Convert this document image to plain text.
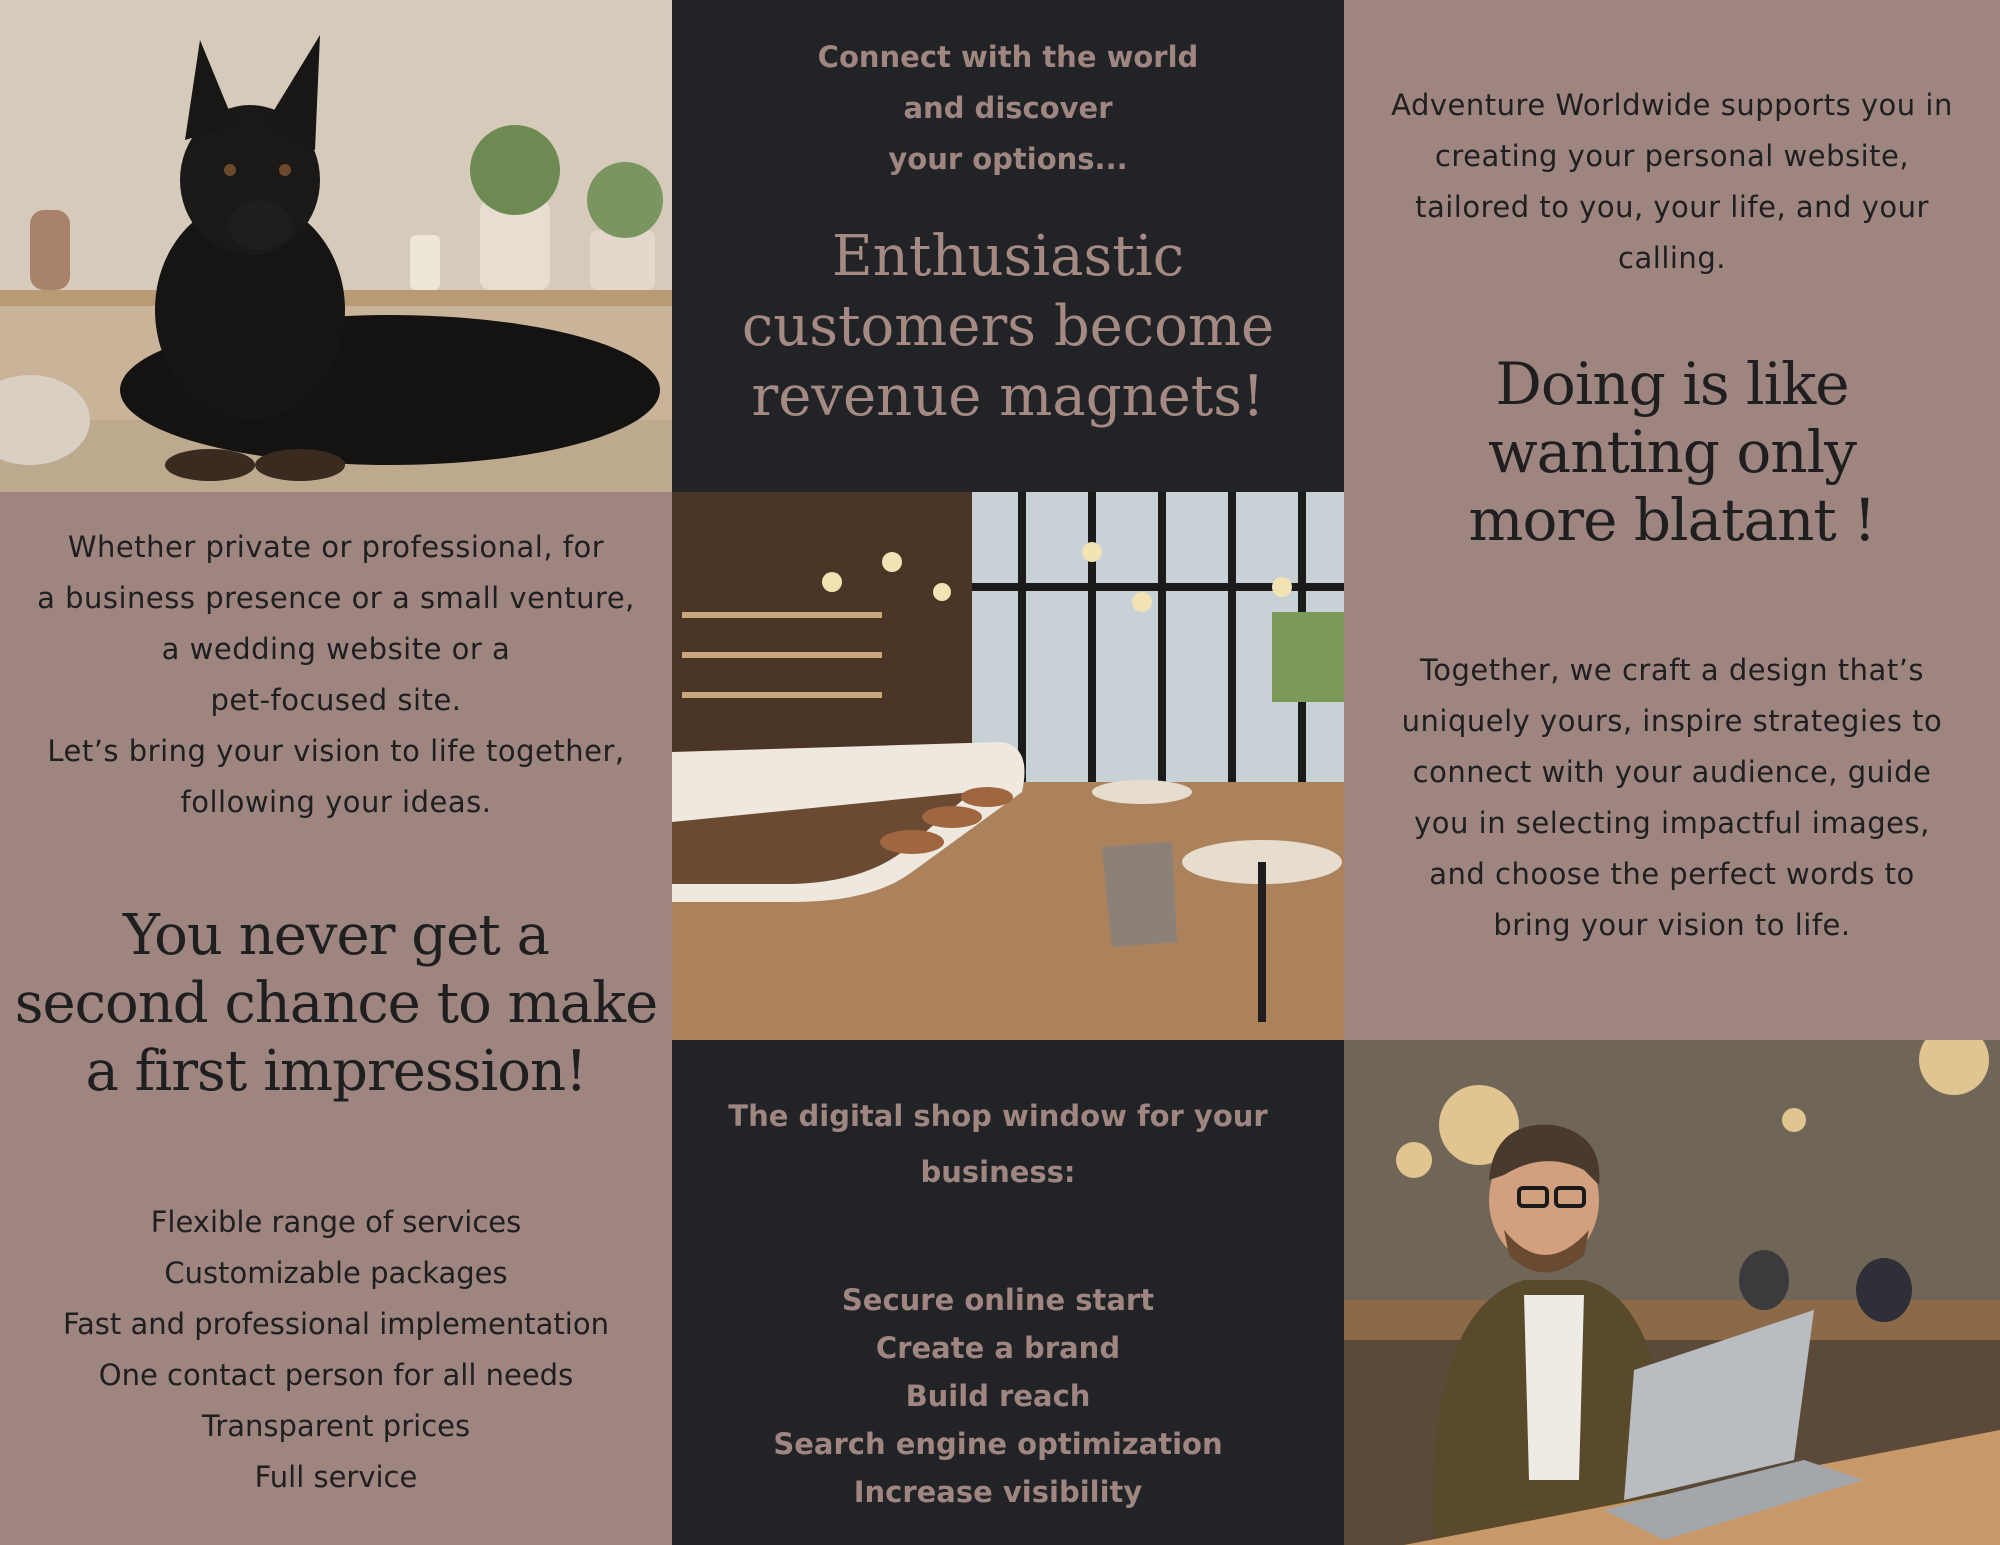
Whether private or professional, for
a business presence or a small venture,
a wedding website or a
pet-focused site.
Let’s bring your vision to life together,
following your ideas.
You never get a
second chance to make
a first impression!
Flexible range of services
Customizable packages
Fast and professional implementation
One contact person for all needs
Transparent prices
Full service
Connect with the world
and discover
your options...
Enthusiastic
customers become
revenue magnets!
The digital shop window for your
business:
Secure online start
Create a brand
Build reach
Search engine optimization
Increase visibility
Adventure Worldwide supports you in
creating your personal website,
tailored to you, your life, and your
calling.
Doing is like
wanting only
more blatant !
Together, we craft a design that’s
uniquely yours, inspire strategies to
connect with your audience, guide
you in selecting impactful images,
and choose the perfect words to
bring your vision to life.
